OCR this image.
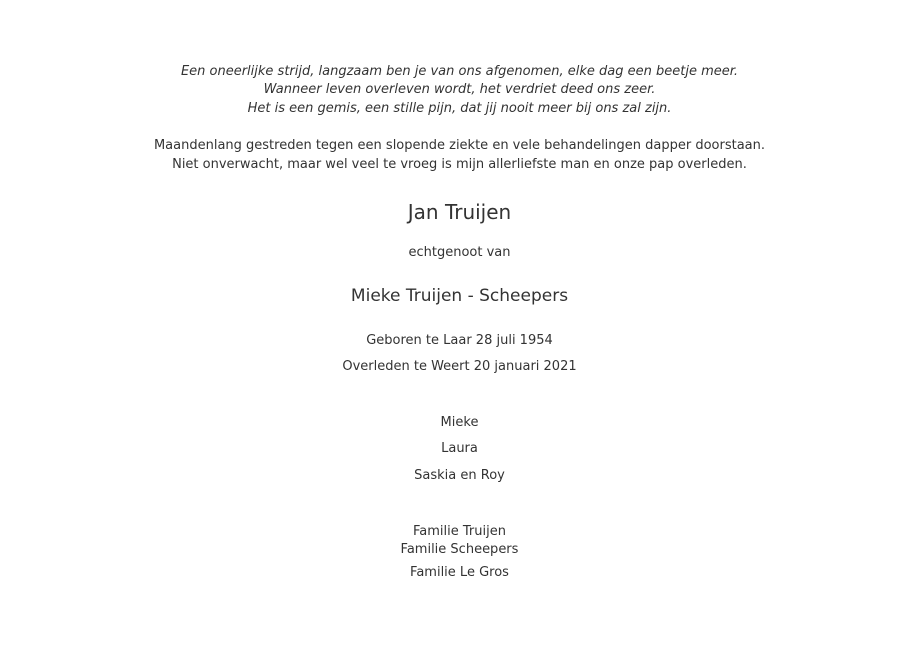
Een oneerlijke strijd, langzaam ben je van ons afgenomen, elke dag een beetje meer.
Wanneer leven overleven wordt, het verdriet deed ons zeer.
Het is een gemis, een stille pijn, dat jij nooit meer bij ons zal zijn.
Maandenlang gestreden tegen een slopende ziekte en vele behandelingen dapper doorstaan.
Niet onverwacht, maar wel veel te vroeg is mijn allerliefste man en onze pap overleden.
Jan Truijen
echtgenoot van
Mieke Truijen - Scheepers
Geboren te Laar 28 juli 1954
Overleden te Weert 20 januari 2021
Mieke
Laura
Saskia en Roy
Familie Truijen
Familie Scheepers
Familie Le Gros
